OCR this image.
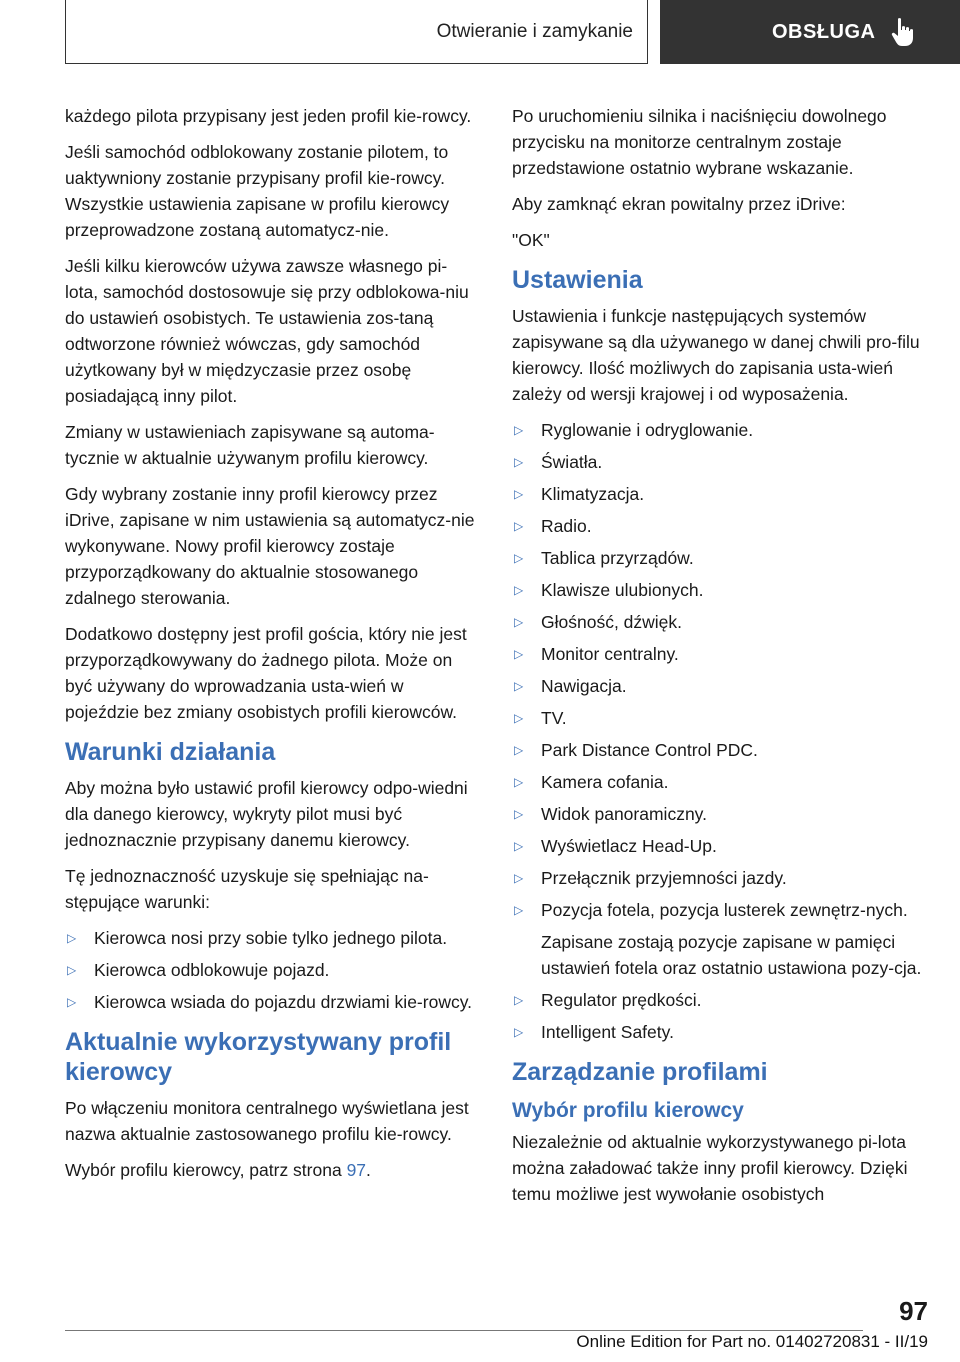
Otwieranie i zamykanie	OBSŁUGA

każdego pilota przypisany jest jeden profil kie-rowcy.

Jeśli samochód odblokowany zostanie pilotem, to uaktywniony zostanie przypisany profil kie-rowcy. Wszystkie ustawienia zapisane w profilu kierowcy przeprowadzone zostaną automatycz-nie.

Jeśli kilku kierowców używa zawsze własnego pi-lota, samochód dostosowuje się przy odblokowa-niu do ustawień osobistych. Te ustawienia zos-taną odtworzone również wówczas, gdy samochód użytkowany był w międzyczasie przez osobę posiadającą inny pilot.

Zmiany w ustawieniach zapisywane są automa-tycznie w aktualnie używanym profilu kierowcy.

Gdy wybrany zostanie inny profil kierowcy przez iDrive, zapisane w nim ustawienia są automatycz-nie wykonywane. Nowy profil kierowcy zostaje przyporządkowany do aktualnie stosowanego zdalnego sterowania.

Dodatkowo dostępny jest profil gościa, który nie jest przyporządkowywany do żadnego pilota. Może on być używany do wprowadzania usta-wień w pojeździe bez zmiany osobistych profili kierowców.

Warunki działania

Aby można było ustawić profil kierowcy odpo-wiedni dla danego kierowcy, wykryty pilot musi być jednoznacznie przypisany danemu kierowcy.

Tę jednoznaczność uzyskuje się spełniając na-stępujące warunki:

▷ Kierowca nosi przy sobie tylko jednego pilota.
▷ Kierowca odblokowuje pojazd.
▷ Kierowca wsiada do pojazdu drzwiami kie-rowcy.
Aktualnie wykorzystywany profil kierowcy

Po włączeniu monitora centralnego wyświetlana jest nazwa aktualnie zastosowanego profilu kie-rowcy.

Wybór profilu kierowcy, patrz strona 97.

Po uruchomieniu silnika i naciśnięciu dowolnego przycisku na monitorze centralnym zostaje przedstawione ostatnio wybrane wskazanie.

Aby zamknąć ekran powitalny przez iDrive:

"OK"

Ustawienia

Ustawienia i funkcje następujących systemów zapisywane są dla używanego w danej chwili pro-filu kierowcy. Ilość możliwych do zapisania usta-wień zależy od wersji krajowej i od wyposażenia.

▷ Ryglowanie i odryglowanie.
▷ Światła.
▷ Klimatyzacja.
▷ Radio.
▷ Tablica przyrządów.
▷ Klawisze ulubionych.
▷ Głośność, dźwięk.
▷ Monitor centralny.
▷ Nawigacja.
▷ TV.
▷ Park Distance Control PDC.
▷ Kamera cofania.
▷ Widok panoramiczny.
▷ Wyświetlacz Head-Up.
▷ Przełącznik przyjemności jazdy.
▷ Pozycja fotela, pozycja lusterek zewnętrz-nych.
Zapisane zostają pozycje zapisane w pamięci ustawień fotela oraz ostatnio ustawiona pozy-cja.
▷ Regulator prędkości.
▷ Intelligent Safety.
Zarządzanie profilami
Wybór profilu kierowcy

Niezależnie od aktualnie wykorzystywanego pi-lota można załadować także inny profil kierowcy. Dzięki temu możliwe jest wywołanie osobistych

97
Online Edition for Part no. 01402720831 - II/19
